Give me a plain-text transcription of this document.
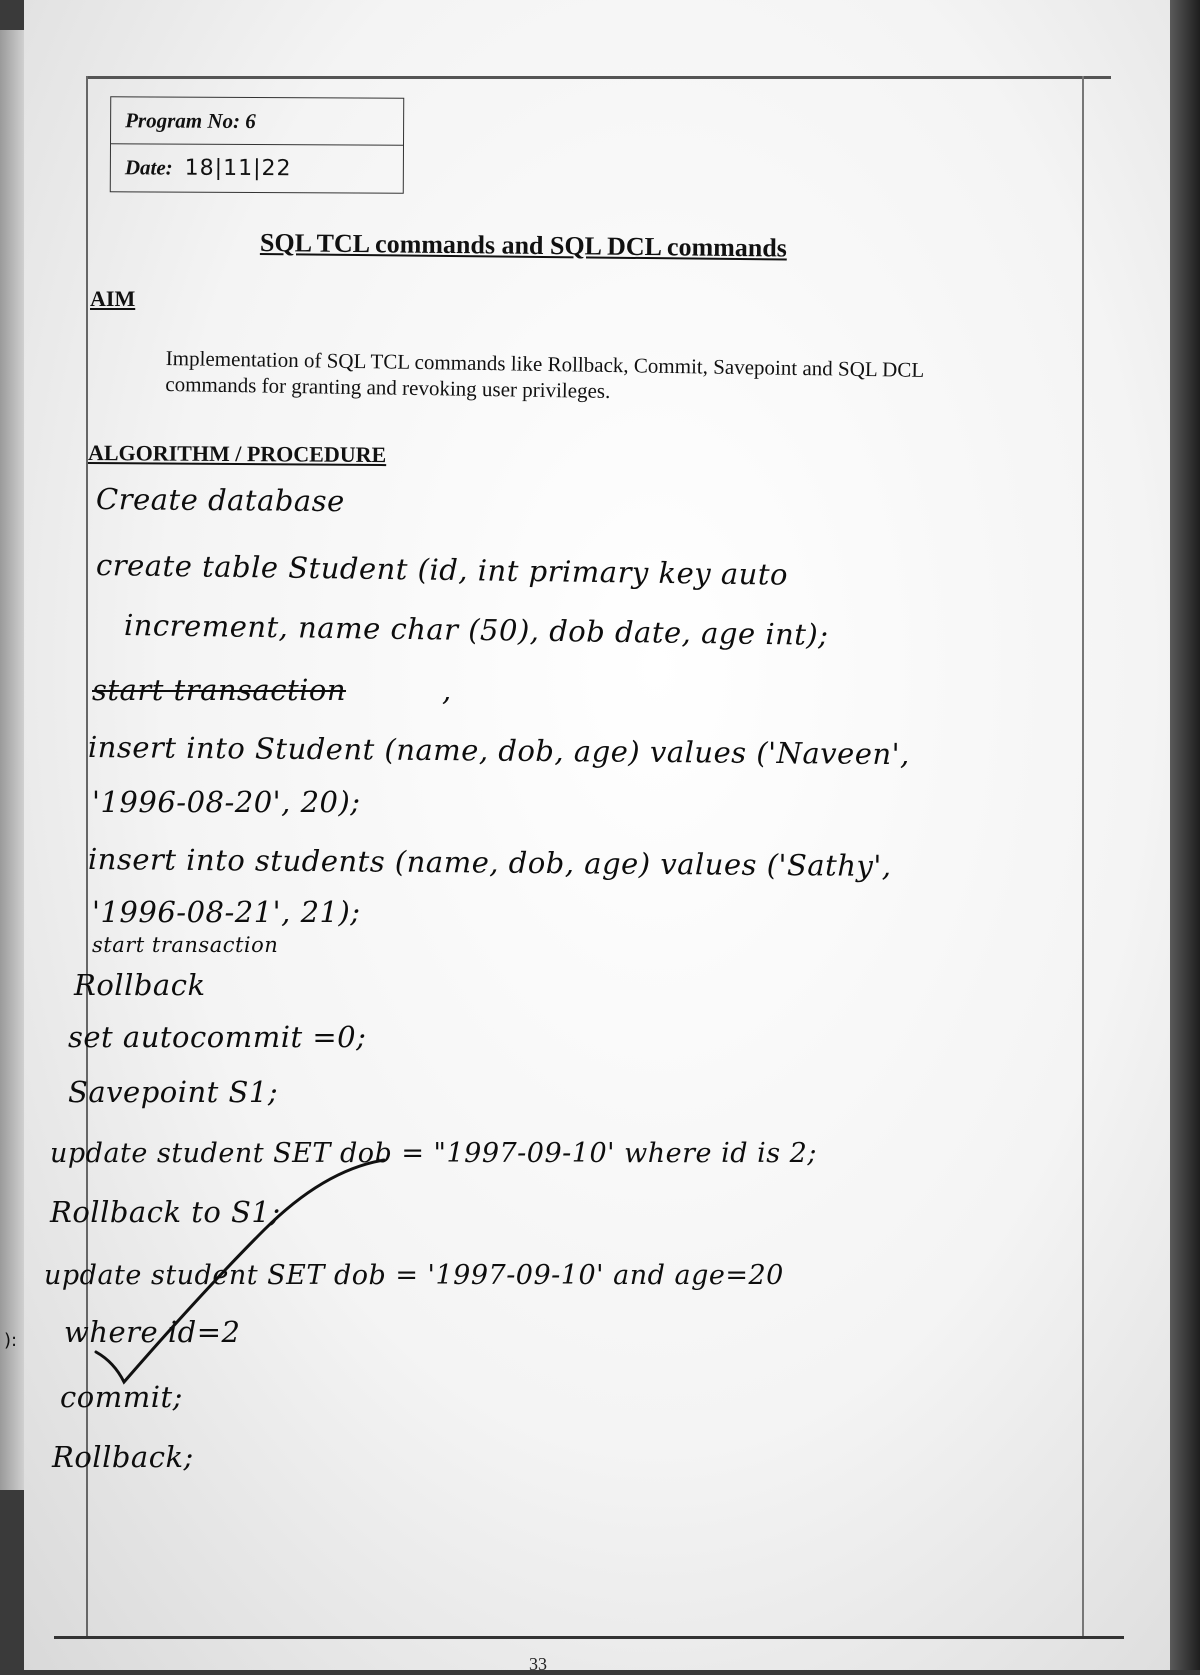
):
Program No: 6
Date: 18|11|22
SQL TCL commands and SQL DCL commands
AIM
Implementation of SQL TCL commands like Rollback, Commit, Savepoint and SQL DCL commands for granting and revoking user privileges.
ALGORITHM / PROCEDURE
Create database
create table Student (id, int primary key auto
increment, name char (50), dob date, age int);
start transaction	,
insert into Student (name, dob, age) values ('Naveen',
'1996-08-20', 20);
insert into students (name, dob, age) values ('Sathy',
'1996-08-21', 21);
start transaction
Rollback
set autocommit =0;
Savepoint S1;
update student SET dob = "1997-09-10' where id is 2;
Rollback to S1;
update student SET dob = '1997-09-10' and age=20
where id=2
commit;
Rollback;
33
